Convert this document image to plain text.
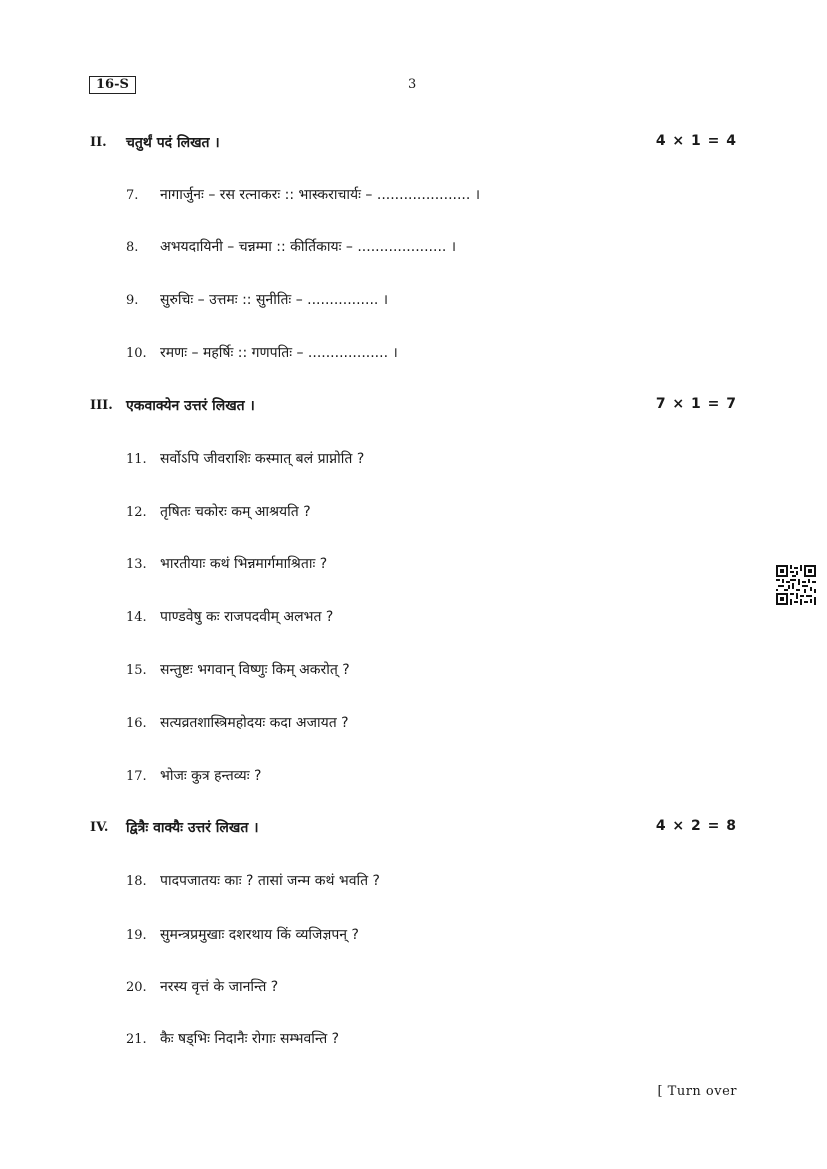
16-S	3
II. चतुर्थं पदं लिखत ।	4 × 1 = 4
7. नागार्जुनः – रस रत्नाकरः :: भास्कराचार्यः – ..................... ।
8. अभयदायिनी – चन्नम्मा :: कीर्तिकायः – .................... ।
9. सुरुचिः – उत्तमः :: सुनीतिः – ................ ।
10. रमणः – महर्षिः :: गणपतिः – .................. ।
III. एकवाक्येन उत्तरं लिखत ।	7 × 1 = 7
11. सर्वोऽपि जीवराशिः कस्मात् बलं प्राप्नोति ?
12. तृषितः चकोरः कम् आश्रयति ?
13. भारतीयाः कथं भिन्नमार्गमाश्रिताः ?
14. पाण्डवेषु कः राजपदवीम् अलभत ?
15. सन्तुष्टः भगवान् विष्णुः किम् अकरोत् ?
16. सत्यव्रतशास्त्रिमहोदयः कदा अजायत ?
17. भोजः कुत्र हन्तव्यः ?
IV. द्वित्रैः वाक्यैः उत्तरं लिखत ।	4 × 2 = 8
18. पादपजातयः काः ? तासां जन्म कथं भवति ?
19. सुमन्त्रप्रमुखाः दशरथाय किं व्यजिज्ञपन् ?
20. नरस्य वृत्तं के जानन्ति ?
21. कैः षड्भिः निदानैः रोगाः सम्भवन्ति ?
[ Turn over
